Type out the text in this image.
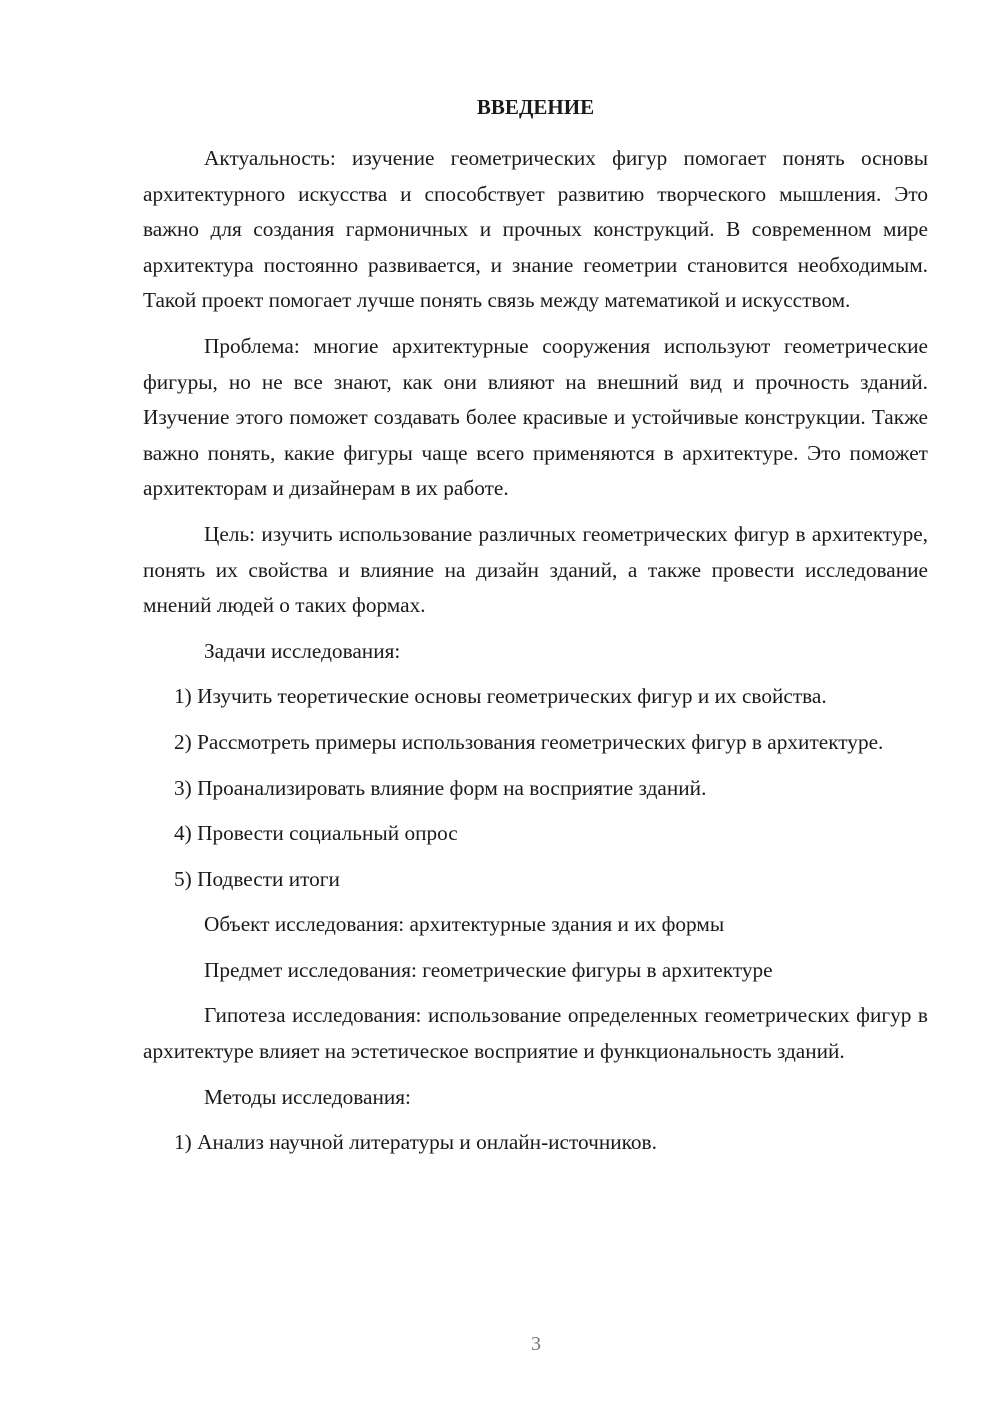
ВВЕДЕНИЕ

Актуальность: изучение геометрических фигур помогает понять основы архитектурного искусства и способствует развитию творческого мышления. Это важно для создания гармоничных и прочных конструкций. В современном мире архитектура постоянно развивается, и знание геометрии становится необходимым. Такой проект помогает лучше понять связь между математикой и искусством.

Проблема: многие архитектурные сооружения используют геометрические фигуры, но не все знают, как они влияют на внешний вид и прочность зданий. Изучение этого поможет создавать более красивые и устойчивые конструкции. Также важно понять, какие фигуры чаще всего применяются в архитектуре. Это поможет архитекторам и дизайнерам в их работе.

Цель: изучить использование различных геометрических фигур в архитектуре, понять их свойства и влияние на дизайн зданий, а также провести исследование мнений людей о таких формах.

Задачи исследования:

1) Изучить теоретические основы геометрических фигур и их свойства.

2) Рассмотреть примеры использования геометрических фигур в архитектуре.

3) Проанализировать влияние форм на восприятие зданий.

4) Провести социальный опрос

5) Подвести итоги

Объект исследования: архитектурные здания и их формы

Предмет исследования: геометрические фигуры в архитектуре

Гипотеза исследования: использование определенных геометрических фигур в архитектуре влияет на эстетическое восприятие и функциональность зданий.

Методы исследования:

1) Анализ научной литературы и онлайн-источников.

3
